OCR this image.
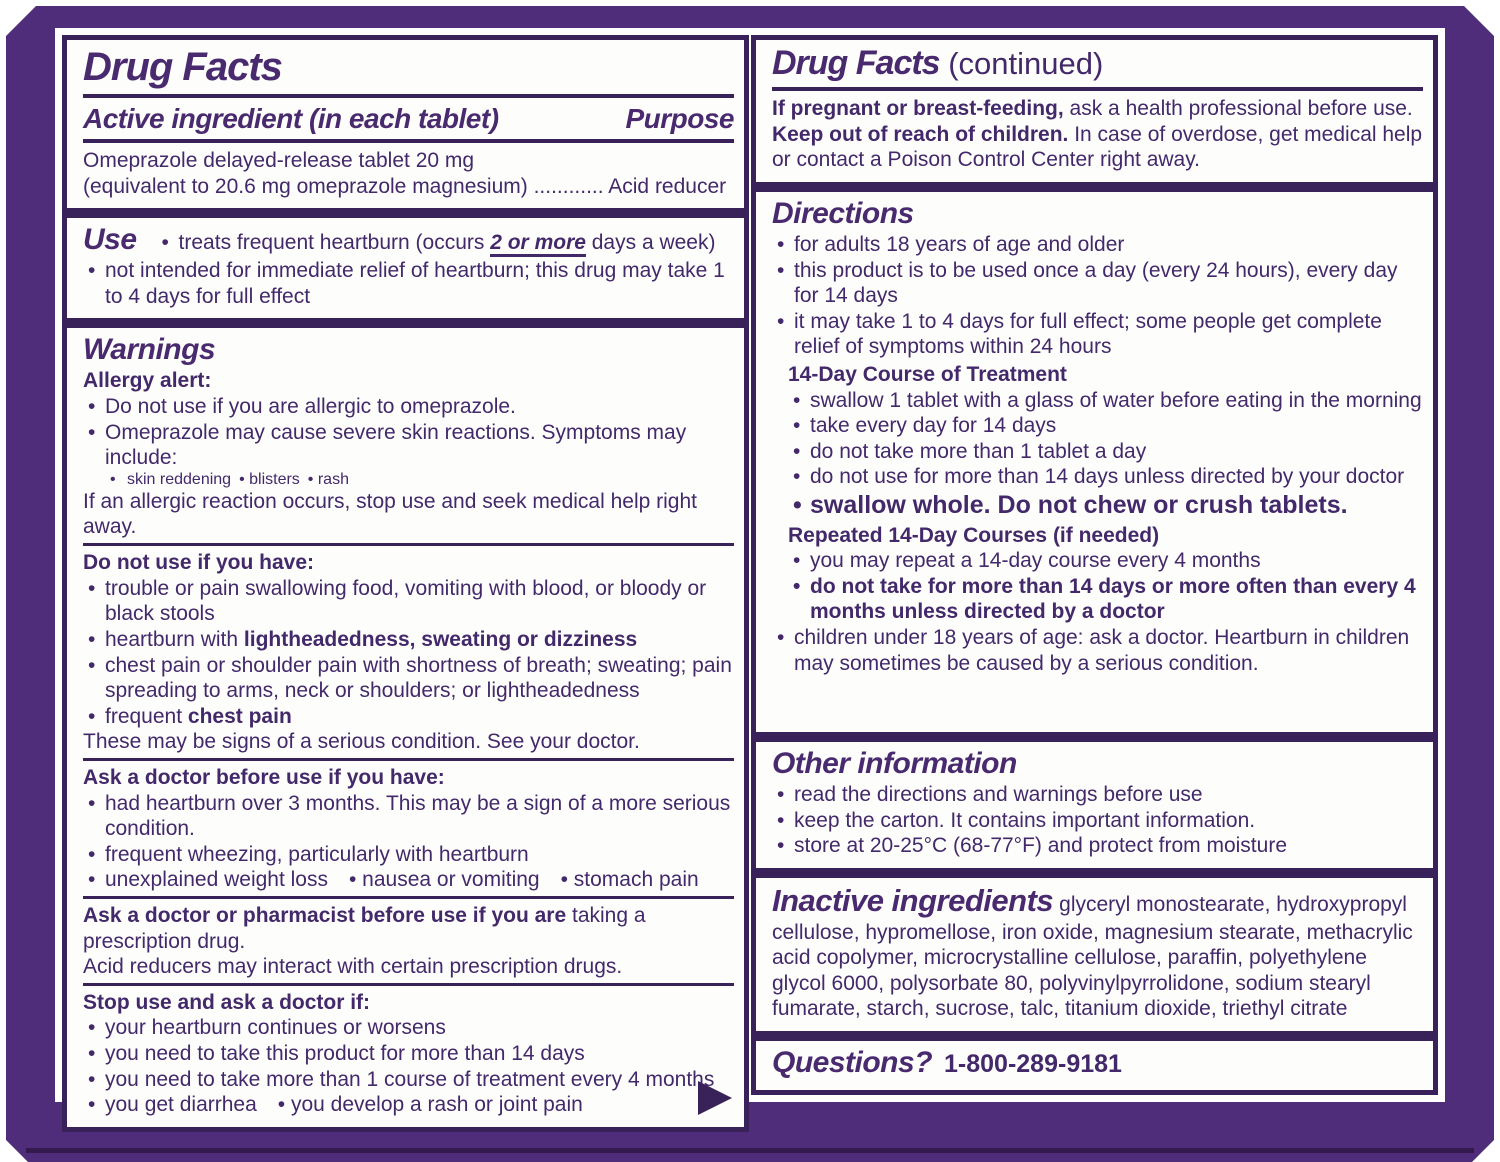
Drug Facts
Active ingredient (in each tablet)	Purpose

Omeprazole delayed-release tablet 20 mg

(equivalent to 20.6 mg omeprazole magnesium) ............ Acid reducer

Use	• treats frequent heartburn (occurs 2 or more days a week)
• not intended for immediate relief of heartburn; this drug may take 1 to 4 days for full effect
Warnings
Allergy alert:
• Do not use if you are allergic to omeprazole.
• Omeprazole may cause severe skin reactions. Symptoms may include:
• skin reddening • blisters • rash
If an allergic reaction occurs, stop use and seek medical help right away.
Do not use if you have:
• trouble or pain swallowing food, vomiting with blood, or bloody or black stools
• heartburn with lightheadedness, sweating or dizziness
• chest pain or shoulder pain with shortness of breath; sweating; pain spreading to arms, neck or shoulders; or lightheadedness
• frequent chest pain
These may be signs of a serious condition. See your doctor.
Ask a doctor before use if you have:
• had heartburn over 3 months. This may be a sign of a more serious condition.
• frequent wheezing, particularly with heartburn
• unexplained weight loss • nausea or vomiting • stomach pain
Ask a doctor or pharmacist before use if you are taking a prescription drug.
Acid reducers may interact with certain prescription drugs.
Stop use and ask a doctor if:
• your heartburn continues or worsens
• you need to take this product for more than 14 days
• you need to take more than 1 course of treatment every 4 months
• you get diarrhea • you develop a rash or joint pain
Drug Facts (continued)
If pregnant or breast-feeding, ask a health professional before use.
Keep out of reach of children. In case of overdose, get medical help or contact a Poison Control Center right away.
Directions
• for adults 18 years of age and older
• this product is to be used once a day (every 24 hours), every day for 14 days
• it may take 1 to 4 days for full effect; some people get complete relief of symptoms within 24 hours
14-Day Course of Treatment
• swallow 1 tablet with a glass of water before eating in the morning
• take every day for 14 days
• do not take more than 1 tablet a day
• do not use for more than 14 days unless directed by your doctor
• swallow whole. Do not chew or crush tablets.
Repeated 14-Day Courses (if needed)
• you may repeat a 14-day course every 4 months
• do not take for more than 14 days or more often than every 4 months unless directed by a doctor
• children under 18 years of age: ask a doctor. Heartburn in children may sometimes be caused by a serious condition.
Other information
• read the directions and warnings before use
• keep the carton. It contains important information.
• store at 20-25°C (68-77°F) and protect from moisture

Inactive ingredients glyceryl monostearate, hydroxypropyl cellulose, hypromellose, iron oxide, magnesium stearate, methacrylic acid copolymer, microcrystalline cellulose, paraffin, polyethylene glycol 6000, polysorbate 80, polyvinylpyrrolidone, sodium stearyl fumarate, starch, sucrose, talc, titanium dioxide, triethyl citrate

Questions? 1-800-289-9181
